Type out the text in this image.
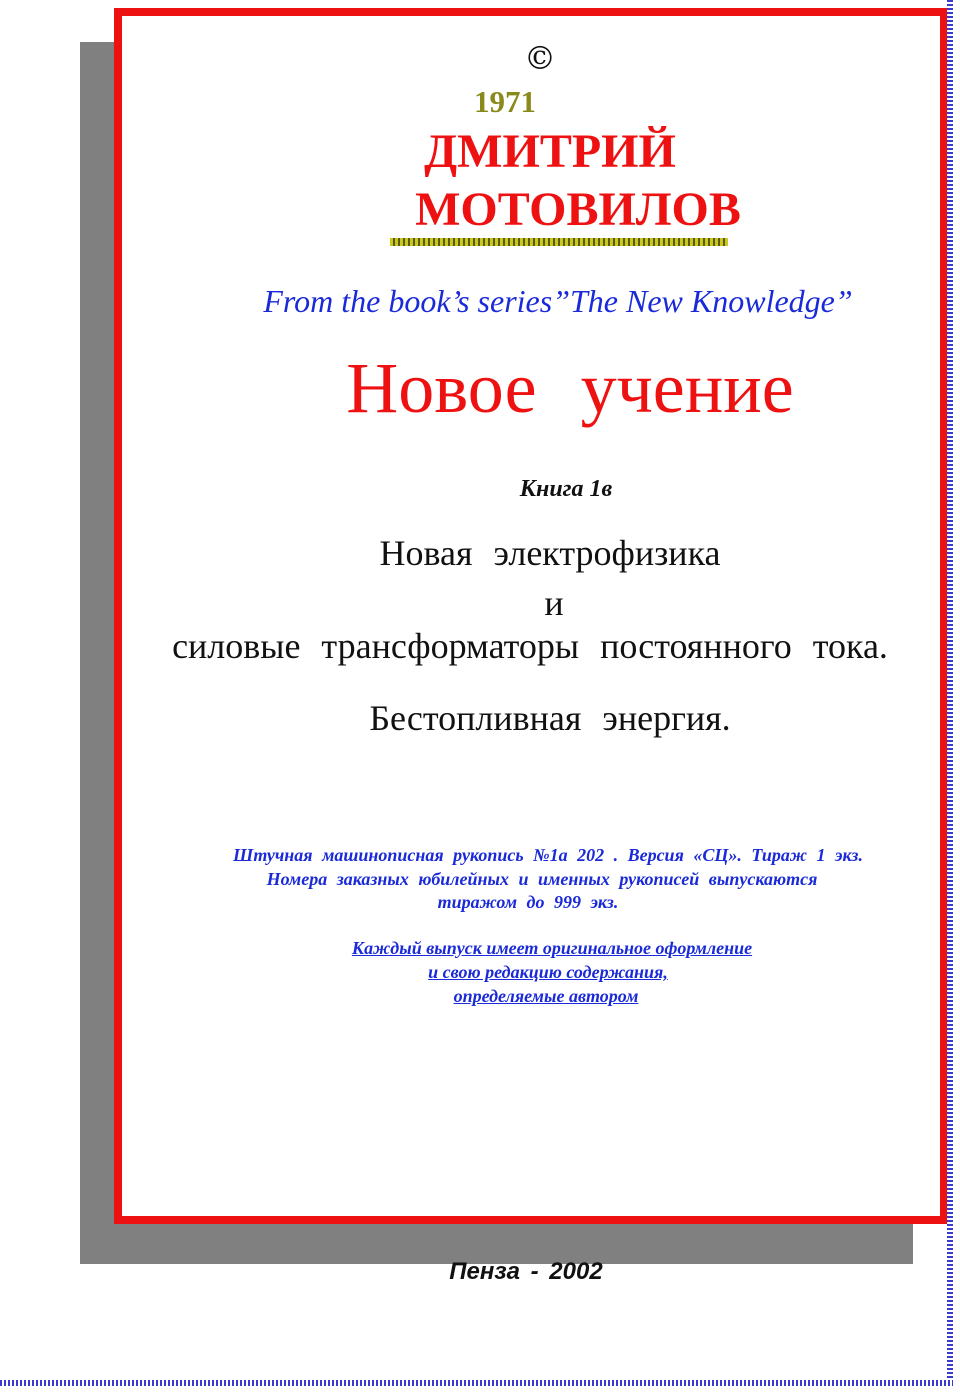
©
1971
ДМИТРИЙ
МОТОВИЛОВ
From the book’s series”The New Knowledge”
Новое учение
Книга 1в
Новая электрофизика
и
силовые трансформаторы постоянного тока.
Бестопливная энергия.
Штучная машинописная рукопись №1а 202 . Версия «СЦ». Тираж 1 экз.
Номера заказных юбилейных и именных рукописей выпускаются
тиражом до 999 экз.
Каждый выпуск имеет оригинальное оформление
и свою редакцию содержания,
определяемые автором
Пенза - 2002
